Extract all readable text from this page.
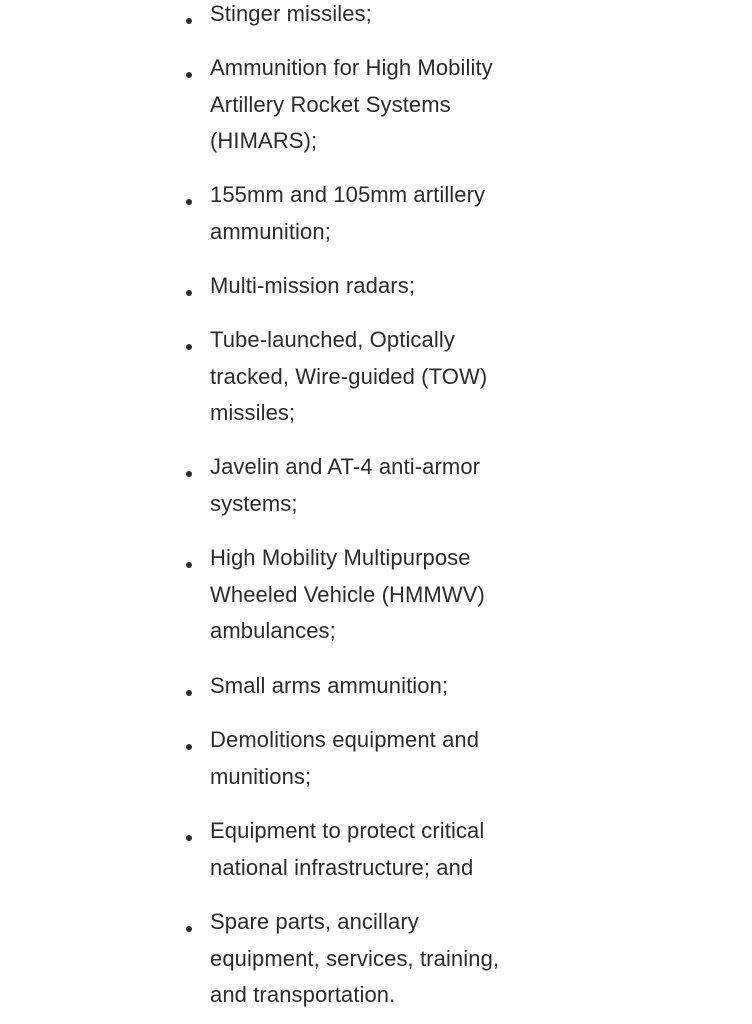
Stinger missiles;
Ammunition for High Mobility
Artillery Rocket Systems
(HIMARS);
155mm and 105mm artillery
ammunition;
Multi-mission radars;
Tube-launched, Optically
tracked, Wire-guided (TOW)
missiles;
Javelin and AT-4 anti-armor
systems;
High Mobility Multipurpose
Wheeled Vehicle (HMMWV)
ambulances;
Small arms ammunition;
Demolitions equipment and
munitions;
Equipment to protect critical
national infrastructure; and
Spare parts, ancillary
equipment, services, training,
and transportation.
